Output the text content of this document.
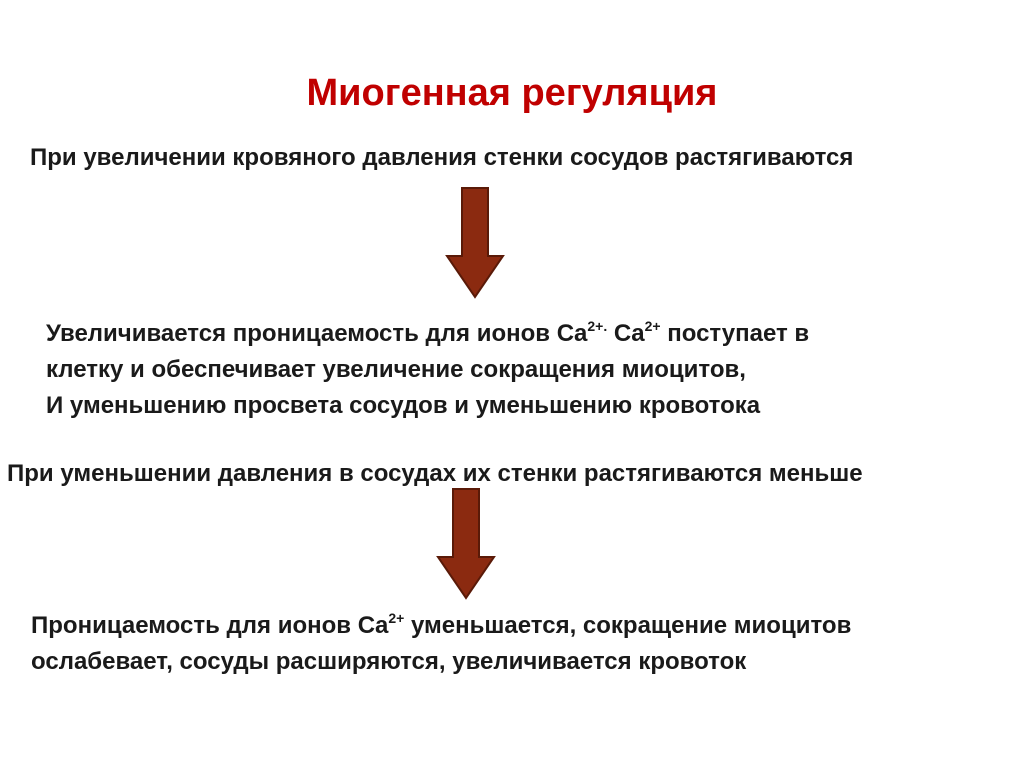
Миогенная регуляция
При увеличении кровяного давления стенки сосудов растягиваются
Увеличивается проницаемость для ионов $Ca^{2+.}$ $Ca^{2+}$ поступает в
клетку и обеспечивает увеличение сокращения миоцитов,
И уменьшению просвета сосудов и уменьшению кровотока
При уменьшении давления в сосудах их стенки растягиваются меньше
Проницаемость для ионов $Ca^{2+}$ уменьшается, сокращение миоцитов
ослабевает, сосуды расширяются, увеличивается кровоток
